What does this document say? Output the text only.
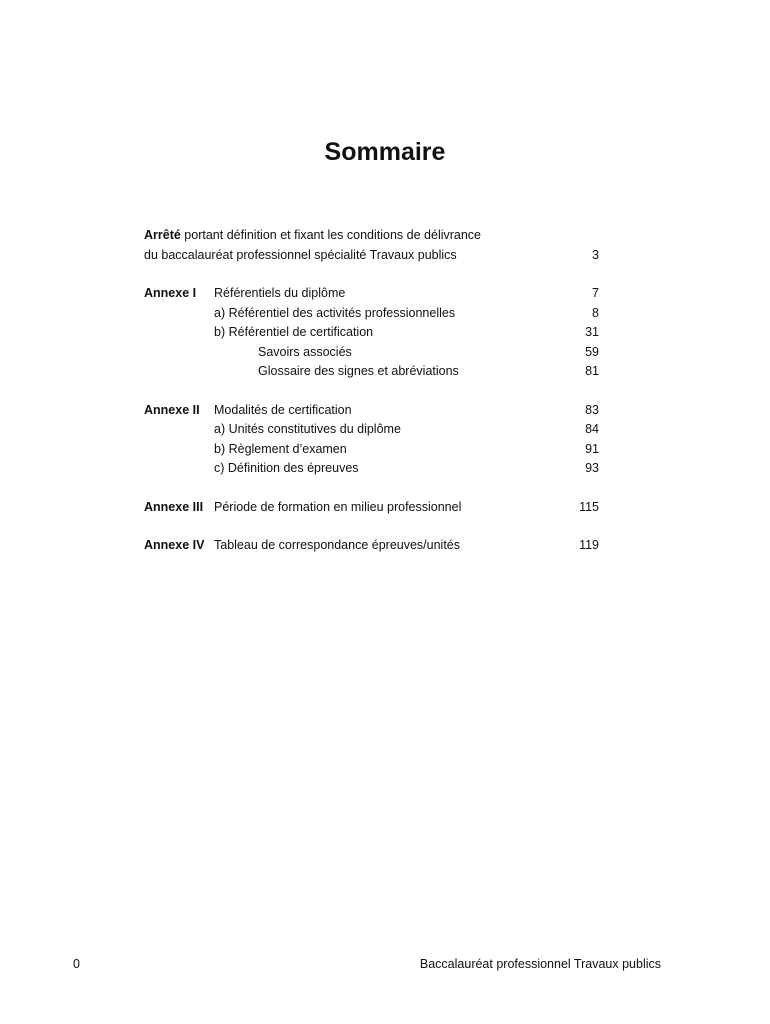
Sommaire
Arrêté portant définition et fixant les conditions de délivrance
du baccalauréat professionnel spécialité Travaux publics	3
Annexe I Référentiels du diplôme	7
a) Référentiel des activités professionnelles	8
b) Référentiel de certification	31
Savoirs associés	59
Glossaire des signes et abréviations	81
Annexe II Modalités de certification	83
a) Unités constitutives du diplôme	84
b) Règlement d’examen	91
c) Définition des épreuves	93
Annexe III Période de formation en milieu professionnel	115
Annexe IV Tableau de correspondance épreuves/unités	119
0	Baccalauréat professionnel Travaux publics
